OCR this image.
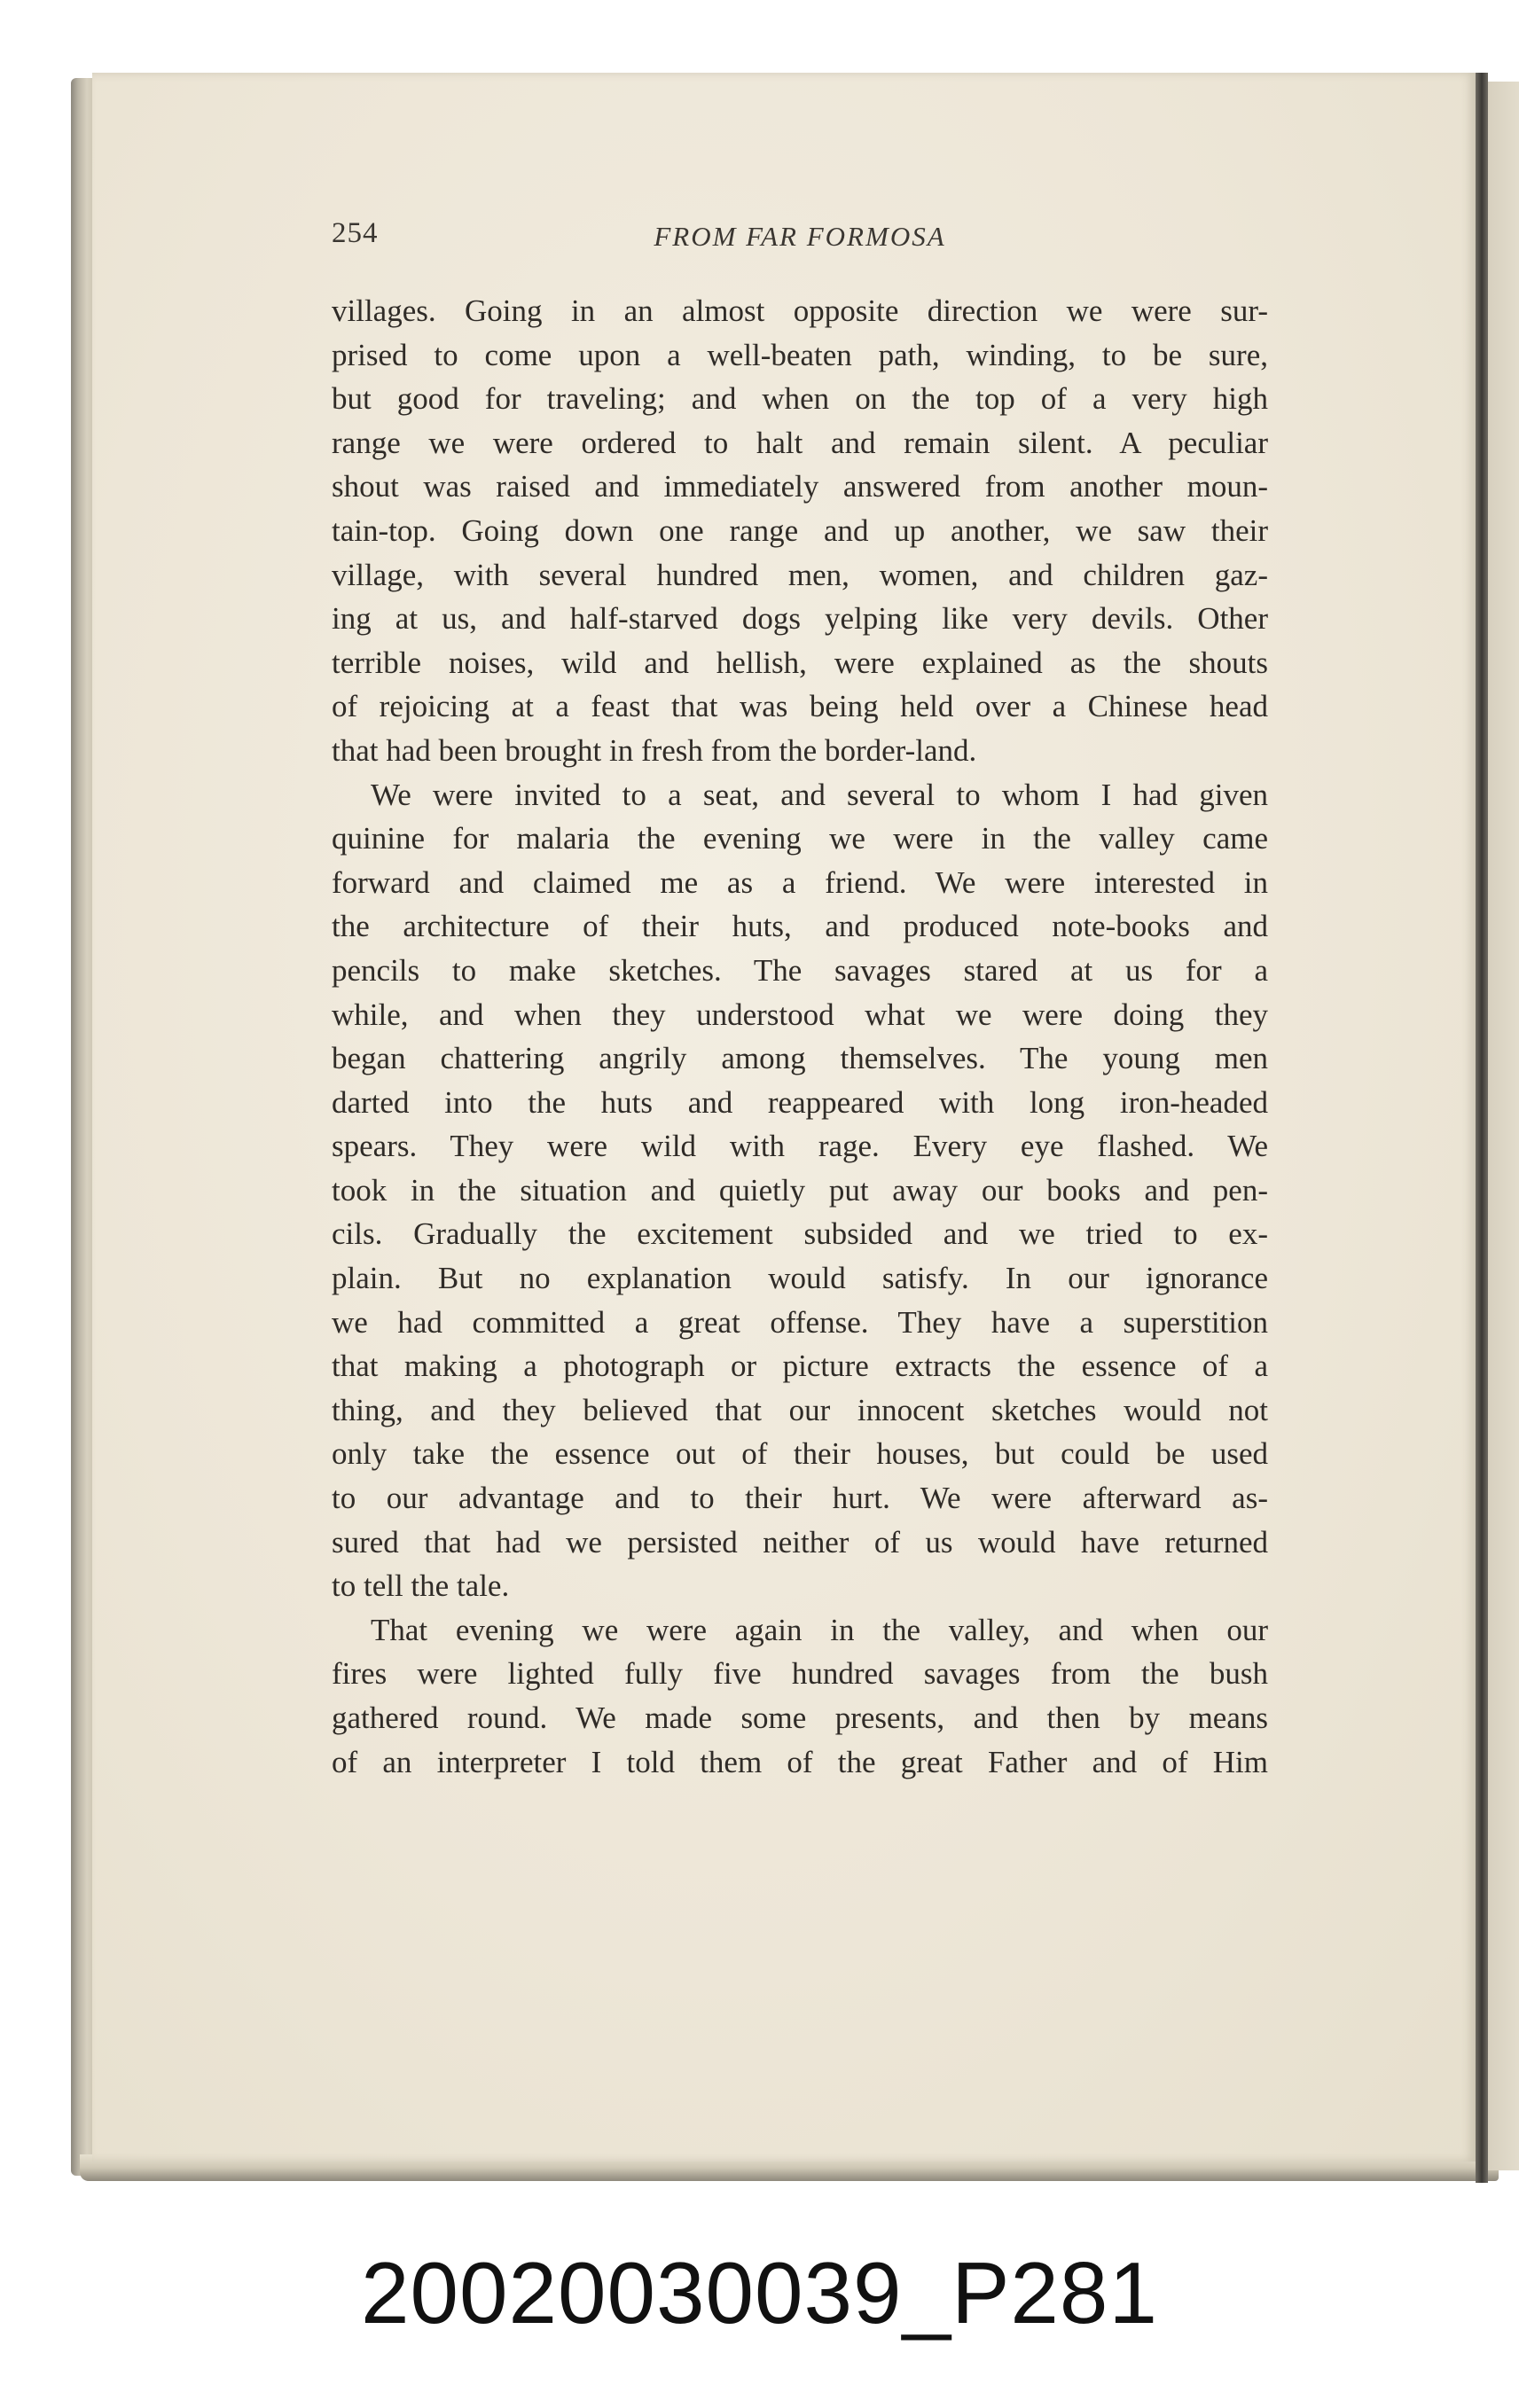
254	FROM FAR FORMOSA
villages. Going in an almost opposite direction we were sur-
prised to come upon a well-beaten path, winding, to be sure,
but good for traveling; and when on the top of a very high
range we were ordered to halt and remain silent. A peculiar
shout was raised and immediately answered from another moun-
tain-top. Going down one range and up another, we saw their
village, with several hundred men, women, and children gaz-
ing at us, and half-starved dogs yelping like very devils. Other
terrible noises, wild and hellish, were explained as the shouts
of rejoicing at a feast that was being held over a Chinese head
that had been brought in fresh from the border-land.
We were invited to a seat, and several to whom I had given
quinine for malaria the evening we were in the valley came
forward and claimed me as a friend. We were interested in
the architecture of their huts, and produced note-books and
pencils to make sketches. The savages stared at us for a
while, and when they understood what we were doing they
began chattering angrily among themselves. The young men
darted into the huts and reappeared with long iron-headed
spears. They were wild with rage. Every eye flashed. We
took in the situation and quietly put away our books and pen-
cils. Gradually the excitement subsided and we tried to ex-
plain. But no explanation would satisfy. In our ignorance
we had committed a great offense. They have a superstition
that making a photograph or picture extracts the essence of a
thing, and they believed that our innocent sketches would not
only take the essence out of their houses, but could be used
to our advantage and to their hurt. We were afterward as-
sured that had we persisted neither of us would have returned
to tell the tale.
That evening we were again in the valley, and when our
fires were lighted fully five hundred savages from the bush
gathered round. We made some presents, and then by means
of an interpreter I told them of the great Father and of Him
20020030039_P281
